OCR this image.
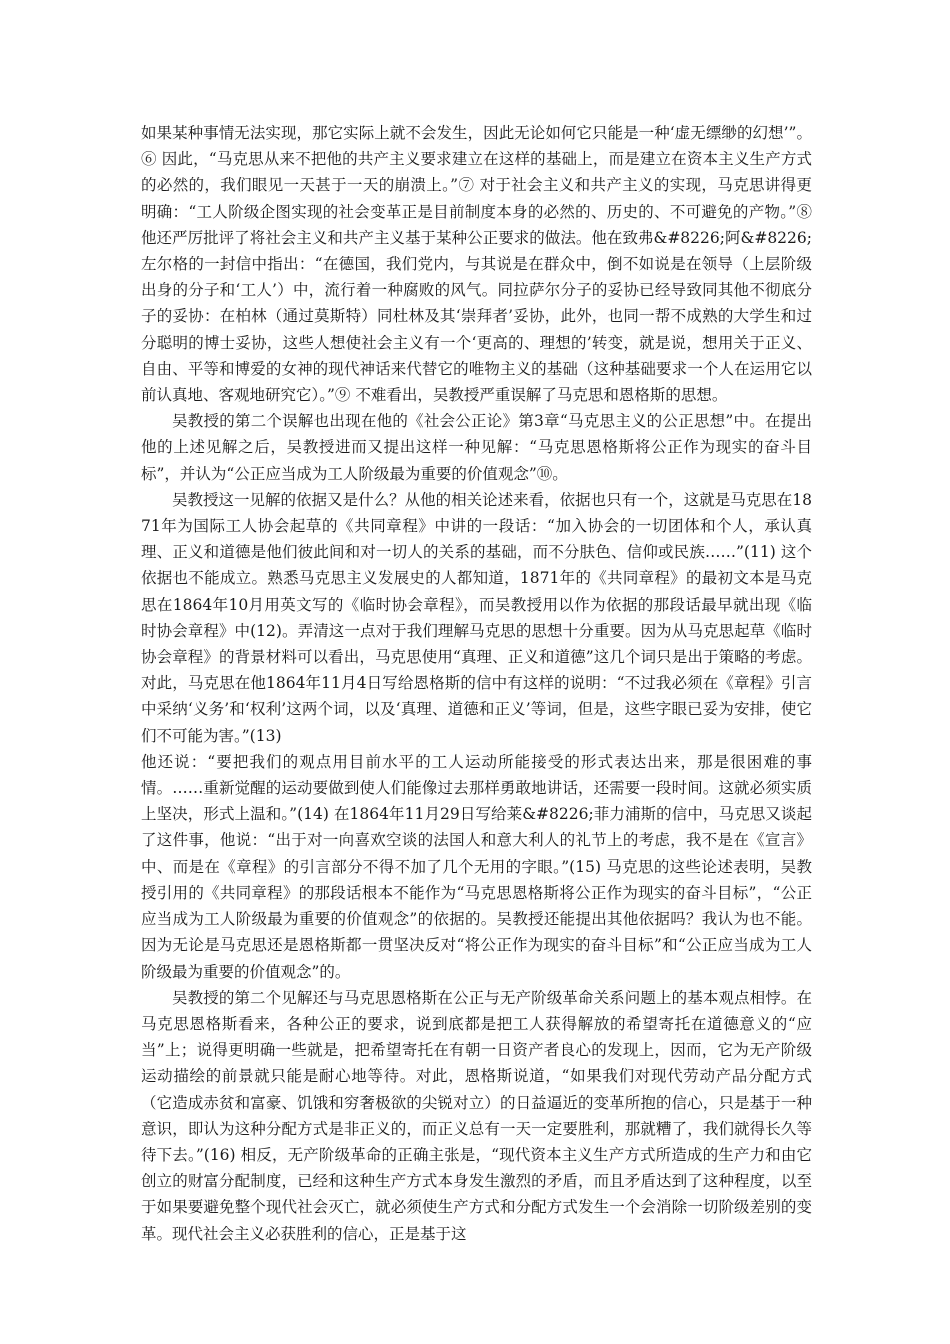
如果某种事情无法实现，那它实际上就不会发生，因此无论如何它只能是一种‘虚无缥缈的幻想’”。⑥ 因此，“马克思从来不把他的共产主义要求建立在这样的基础上，而是建立在资本主义生产方式的必然的，我们眼见一天甚于一天的崩溃上。”⑦ 对于社会主义和共产主义的实现，马克思讲得更明确：“工人阶级企图实现的社会变革正是目前制度本身的必然的、历史的、不可避免的产物。”⑧ 他还严厉批评了将社会主义和共产主义基于某种公正要求的做法。他在致弗&#8226;阿&#8226;左尔格的一封信中指出：“在德国，我们党内，与其说是在群众中，倒不如说是在领导（上层阶级出身的分子和‘工人’）中，流行着一种腐败的风气。同拉萨尔分子的妥协已经导致同其他不彻底分子的妥协：在柏林（通过莫斯特）同杜林及其‘崇拜者’妥协，此外，也同一帮不成熟的大学生和过分聪明的博士妥协，这些人想使社会主义有一个‘更高的、理想的’转变，就是说，想用关于正义、自由、平等和博爱的女神的现代神话来代替它的唯物主义的基础（这种基础要求一个人在运用它以前认真地、客观地研究它）。”⑨ 不难看出，吴教授严重误解了马克思和恩格斯的思想。

吴教授的第二个误解也出现在他的《社会公正论》第3章“马克思主义的公正思想”中。在提出他的上述见解之后，吴教授进而又提出这样一种见解：“马克思恩格斯将公正作为现实的奋斗目标”，并认为“公正应当成为工人阶级最为重要的价值观念”⑩。

吴教授这一见解的依据又是什么？从他的相关论述来看，依据也只有一个，这就是马克思在1871年为国际工人协会起草的《共同章程》中讲的一段话：“加入协会的一切团体和个人，承认真理、正义和道德是他们彼此间和对一切人的关系的基础，而不分肤色、信仰或民族……”(11) 这个依据也不能成立。熟悉马克思主义发展史的人都知道，1871年的《共同章程》的最初文本是马克思在1864年10月用英文写的《临时协会章程》，而吴教授用以作为依据的那段话最早就出现《临时协会章程》中(12)。弄清这一点对于我们理解马克思的思想十分重要。因为从马克思起草《临时协会章程》的背景材料可以看出，马克思使用“真理、正义和道德”这几个词只是出于策略的考虑。对此，马克思在他1864年11月4日写给恩格斯的信中有这样的说明：“不过我必须在《章程》引言中采纳‘义务’和‘权利’这两个词，以及‘真理、道德和正义’等词，但是，这些字眼已妥为安排，使它们不可能为害。”(13)

他还说：“要把我们的观点用目前水平的工人运动所能接受的形式表达出来，那是很困难的事情。……重新觉醒的运动要做到使人们能像过去那样勇敢地讲话，还需要一段时间。这就必须实质上坚决，形式上温和。”(14) 在1864年11月29日写给莱&#8226;菲力浦斯的信中，马克思又谈起了这件事，他说：“出于对一向喜欢空谈的法国人和意大利人的礼节上的考虑，我不是在《宣言》中、而是在《章程》的引言部分不得不加了几个无用的字眼。”(15) 马克思的这些论述表明，吴教授引用的《共同章程》的那段话根本不能作为“马克思恩格斯将公正作为现实的奋斗目标”，“公正应当成为工人阶级最为重要的价值观念”的依据的。吴教授还能提出其他依据吗？我认为也不能。因为无论是马克思还是恩格斯都一贯坚决反对“将公正作为现实的奋斗目标”和“公正应当成为工人阶级最为重要的价值观念”的。

吴教授的第二个见解还与马克思恩格斯在公正与无产阶级革命关系问题上的基本观点相悖。在马克思恩格斯看来，各种公正的要求，说到底都是把工人获得解放的希望寄托在道德意义的“应当”上；说得更明确一些就是，把希望寄托在有朝一日资产者良心的发现上，因而，它为无产阶级运动描绘的前景就只能是耐心地等待。对此，恩格斯说道，“如果我们对现代劳动产品分配方式（它造成赤贫和富豪、饥饿和穷奢极欲的尖锐对立）的日益逼近的变革所抱的信心，只是基于一种意识，即认为这种分配方式是非正义的，而正义总有一天一定要胜利，那就糟了，我们就得长久等待下去。”(16) 相反，无产阶级革命的正确主张是，“现代资本主义生产方式所造成的生产力和由它创立的财富分配制度，已经和这种生产方式本身发生激烈的矛盾，而且矛盾达到了这种程度，以至于如果要避免整个现代社会灭亡，就必须使生产方式和分配方式发生一个会消除一切阶级差别的变革。现代社会主义必获胜利的信心，正是基于这
